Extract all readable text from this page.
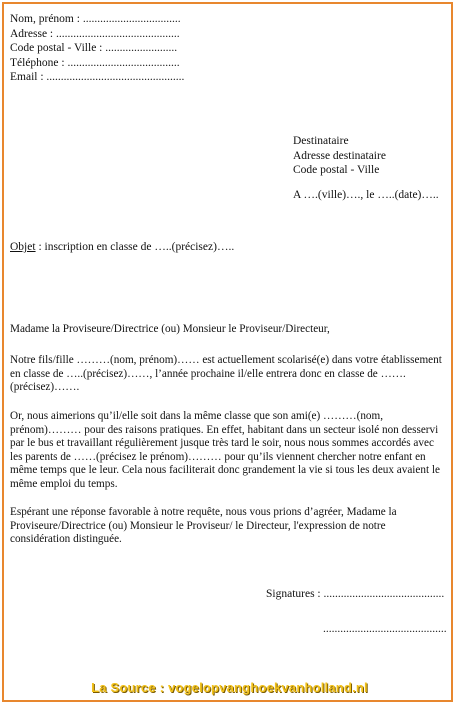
Nom, prénom : ..................................
Adresse : ...........................................
Code postal - Ville : .........................
Téléphone : .......................................
Email : ................................................
Destinataire
Adresse destinataire
Code postal - Ville
A ….(ville)…., le …..(date)…..
Objet : inscription en classe de …..(précisez)…..
Madame la Proviseure/Directrice (ou) Monsieur le Proviseur/Directeur,
Notre fils/fille ………(nom, prénom)…… est actuellement scolarisé(e) dans votre établissement en classe de …..(précisez)……, l’année prochaine il/elle entrera donc en classe de …….(précisez)…….
Or, nous aimerions qu’il/elle soit dans la même classe que son ami(e) ………(nom, prénom)……… pour des raisons pratiques. En effet, habitant dans un secteur isolé non desservi par le bus et travaillant régulièrement jusque très tard le soir, nous nous sommes accordés avec les parents de ……(précisez le prénom)……… pour qu’ils viennent chercher notre enfant en même temps que le leur. Cela nous faciliterait donc grandement la vie si tous les deux avaient le même emploi du temps.
Espérant une réponse favorable à notre requête, nous vous prions d’agréer, Madame la Proviseure/Directrice (ou) Monsieur le Proviseur/ le Directeur, l'expression de notre considération distinguée.
Signatures : ..........................................
...........................................
La Source : vogelopvanghoekvanholland.nl
